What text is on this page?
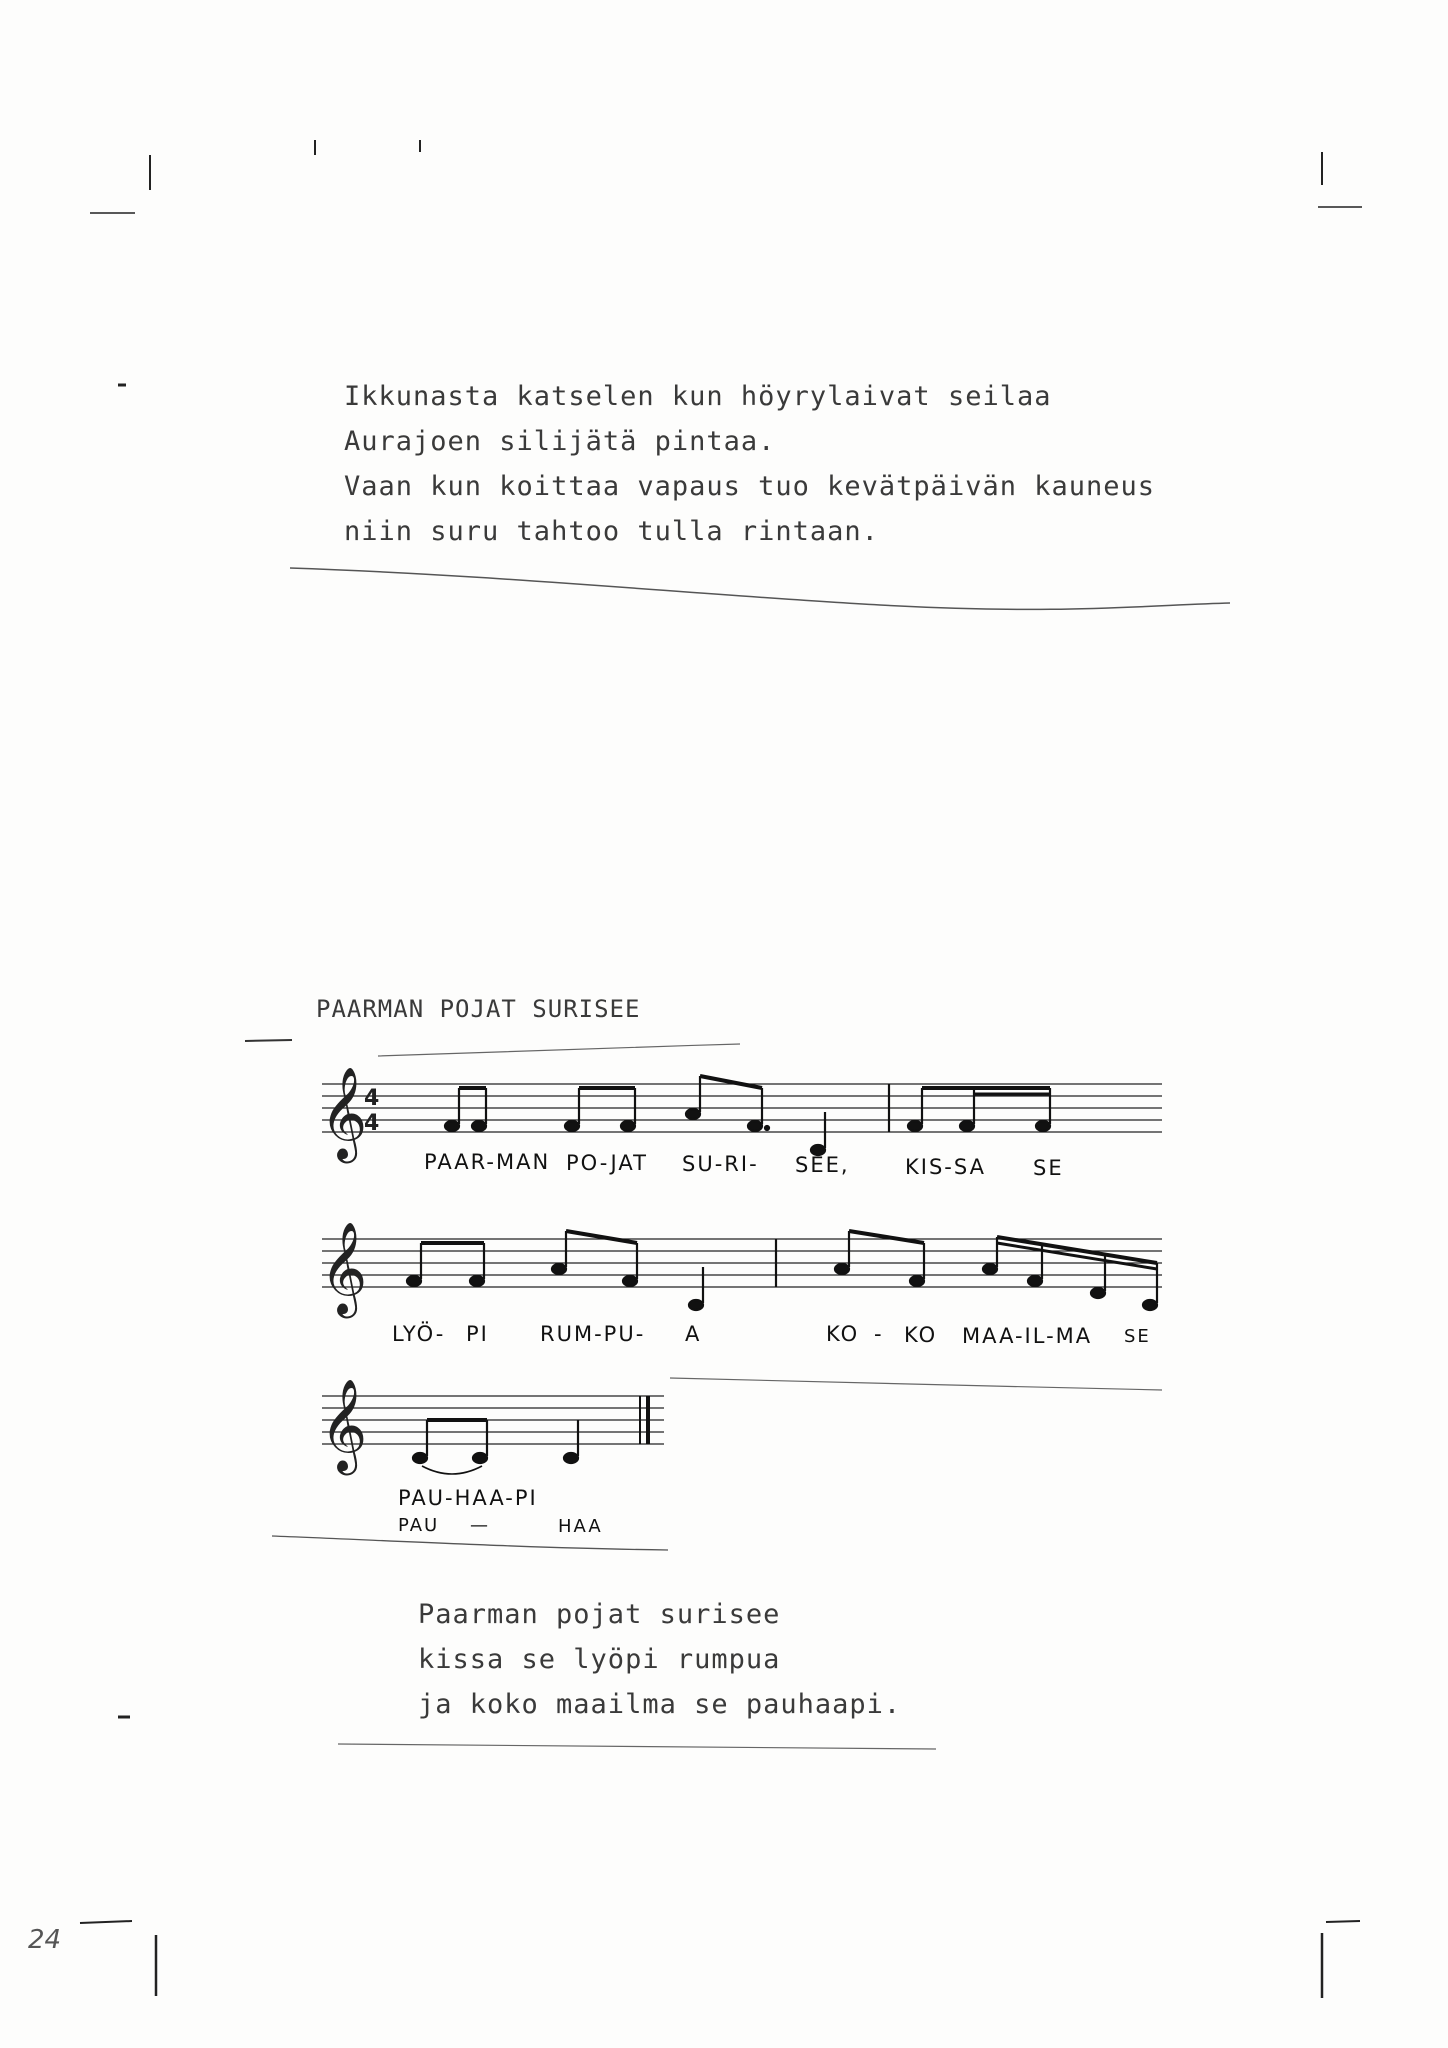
24
Ikkunasta katselen kun höyrylaivat seilaa
Aurajoen silijätä pintaa.
Vaan kun koittaa vapaus tuo kevätpäivän kauneus
niin suru tahtoo tulla rintaan.
PAARMAN POJAT SURISEE
𝄞
𝄞
𝄞
4
4
PAAR-MAN PO-JAT SU-RI- SEE,	KIS-SA SE
LYÖ- PI RUM-PU- A	KO - KO MAA-IL-MA SE
PAU-HAA-PI
PAU —	HAA
Paarman pojat surisee
kissa se lyöpi rumpua
ja koko maailma se pauhaapi.
